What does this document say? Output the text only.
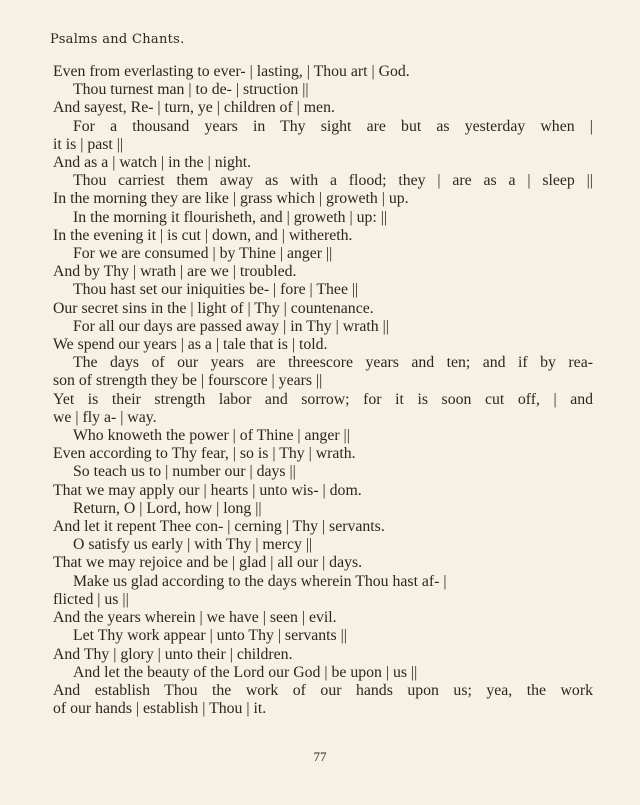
Psalms and Chants.
Even from everlasting to ever- | lasting, | Thou art | God.
Thou turnest man | to de- | struction ||
And sayest, Re- | turn, ye | children of | men.
For a thousand years in Thy sight are but as yesterday when |
it is | past ||
And as a | watch | in the | night.
Thou carriest them away as with a flood; they | are as a | sleep ||
In the morning they are like | grass which | groweth | up.
In the morning it flourisheth, and | groweth | up: ||
In the evening it | is cut | down, and | withereth.
For we are consumed | by Thine | anger ||
And by Thy | wrath | are we | troubled.
Thou hast set our iniquities be- | fore | Thee ||
Our secret sins in the | light of | Thy | countenance.
For all our days are passed away | in Thy | wrath ||
We spend our years | as a | tale that is | told.
The days of our years are threescore years and ten; and if by rea-
son of strength they be | fourscore | years ||
Yet is their strength labor and sorrow; for it is soon cut off, | and
we | fly a- | way.
Who knoweth the power | of Thine | anger ||
Even according to Thy fear, | so is | Thy | wrath.
So teach us to | number our | days ||
That we may apply our | hearts | unto wis- | dom.
Return, O | Lord, how | long ||
And let it repent Thee con- | cerning | Thy | servants.
O satisfy us early | with Thy | mercy ||
That we may rejoice and be | glad | all our | days.
Make us glad according to the days wherein Thou hast af- |
flicted | us ||
And the years wherein | we have | seen | evil.
Let Thy work appear | unto Thy | servants ||
And Thy | glory | unto their | children.
And let the beauty of the Lord our God | be upon | us ||
And establish Thou the work of our hands upon us; yea, the work
of our hands | establish | Thou | it.
77
